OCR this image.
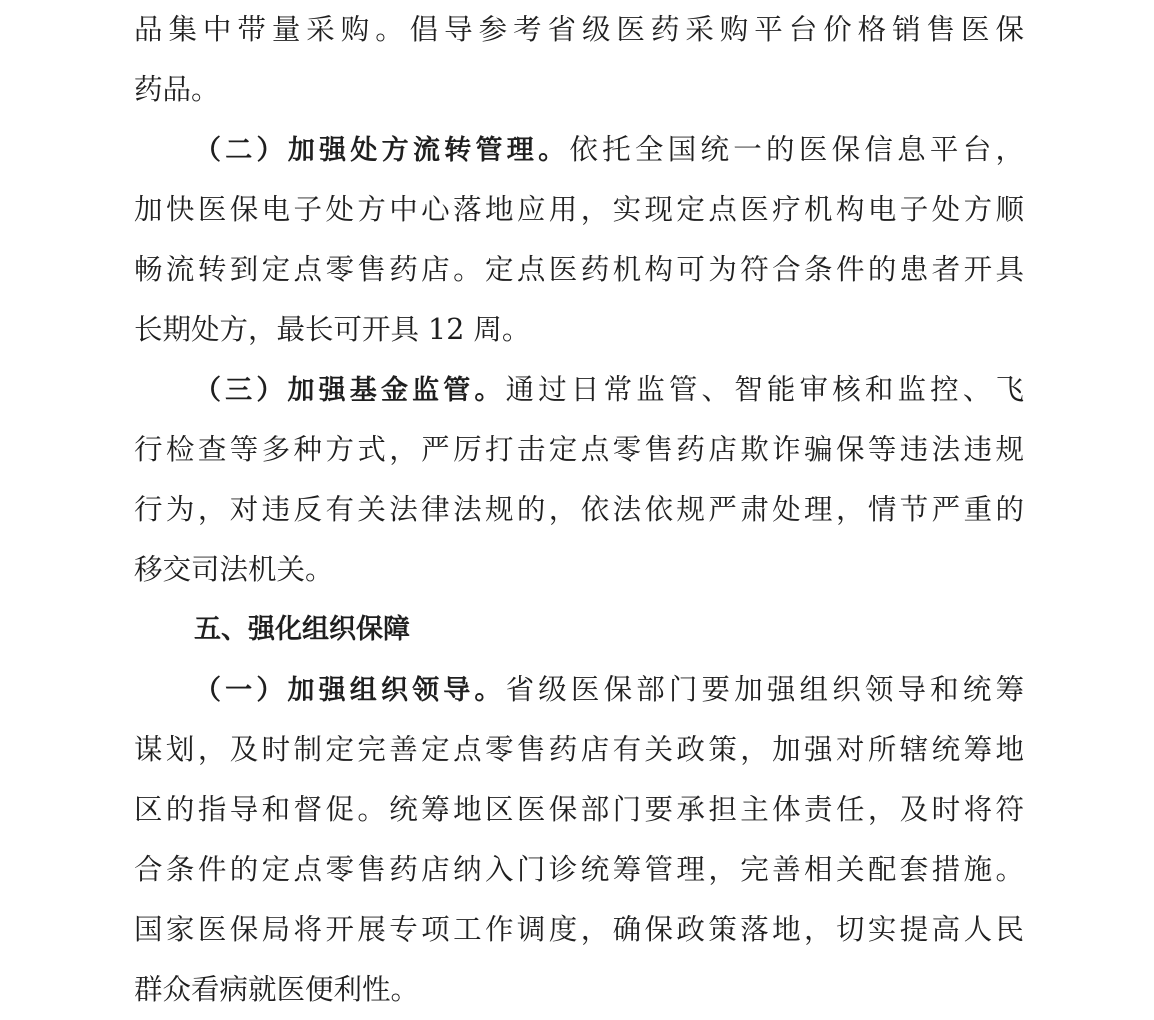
品集中带量采购。倡导参考省级医药采购平台价格销售医保
药品。
（二）加强处方流转管理。依托全国统一的医保信息平台，
加快医保电子处方中心落地应用，实现定点医疗机构电子处方顺
畅流转到定点零售药店。定点医药机构可为符合条件的患者开具
长期处方，最长可开具 12 周。
（三）加强基金监管。通过日常监管、智能审核和监控、飞
行检查等多种方式，严厉打击定点零售药店欺诈骗保等违法违规
行为，对违反有关法律法规的，依法依规严肃处理，情节严重的
移交司法机关。
五、强化组织保障
（一）加强组织领导。省级医保部门要加强组织领导和统筹
谋划，及时制定完善定点零售药店有关政策，加强对所辖统筹地
区的指导和督促。统筹地区医保部门要承担主体责任，及时将符
合条件的定点零售药店纳入门诊统筹管理，完善相关配套措施。
国家医保局将开展专项工作调度，确保政策落地，切实提高人民
群众看病就医便利性。
